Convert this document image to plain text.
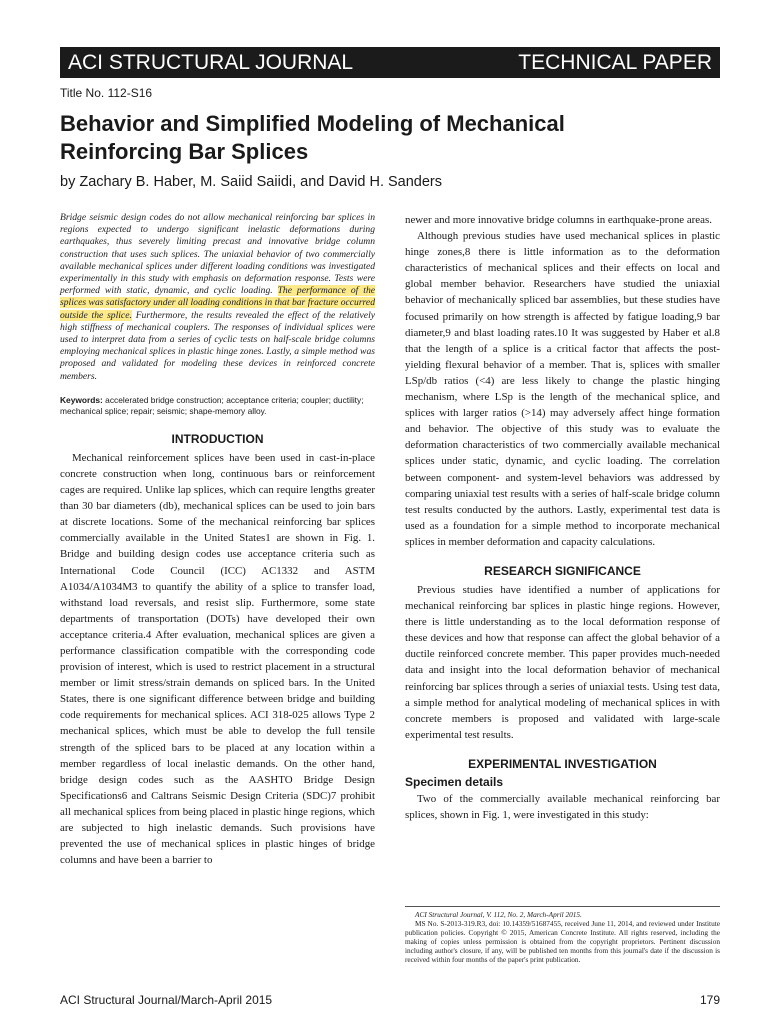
ACI STRUCTURAL JOURNAL	TECHNICAL PAPER
Title No. 112-S16
Behavior and Simplified Modeling of Mechanical Reinforcing Bar Splices
by Zachary B. Haber, M. Saiid Saiidi, and David H. Sanders

Bridge seismic design codes do not allow mechanical reinforcing bar splices in regions expected to undergo significant inelastic deformations during earthquakes, thus severely limiting precast and innovative bridge column construction that uses such splices. The uniaxial behavior of two commercially available mechanical splices under different loading conditions was investigated experimentally in this study with emphasis on deformation response. Tests were performed with static, dynamic, and cyclic loading. The performance of the splices was satisfactory under all loading conditions in that bar fracture occurred outside the splice. Furthermore, the results revealed the effect of the relatively high stiffness of mechanical couplers. The responses of individual splices were used to interpret data from a series of cyclic tests on half-scale bridge columns employing mechanical splices in plastic hinge zones. Lastly, a simple method was proposed and validated for modeling these devices in reinforced concrete members.

Keywords: accelerated bridge construction; acceptance criteria; coupler; ductility; mechanical splice; repair; seismic; shape-memory alloy.

INTRODUCTION

Mechanical reinforcement splices have been used in cast-in-place concrete construction when long, continuous bars or reinforcement cages are required. Unlike lap splices, which can require lengths greater than 30 bar diameters (db), mechanical splices can be used to join bars at discrete locations. Some of the mechanical reinforcing bar splices commercially available in the United States1 are shown in Fig. 1. Bridge and building design codes use acceptance criteria such as International Code Council (ICC) AC1332 and ASTM A1034/A1034M3 to quantify the ability of a splice to transfer load, withstand load reversals, and resist slip. Furthermore, some state departments of transportation (DOTs) have developed their own acceptance criteria.4 After evaluation, mechanical splices are given a performance classification compatible with the corresponding code provision of interest, which is used to restrict placement in a structural member or limit stress/strain demands on spliced bars. In the United States, there is one significant difference between bridge and building code requirements for mechanical splices. ACI 318-025 allows Type 2 mechanical splices, which must be able to develop the full tensile strength of the spliced bars to be placed at any location within a member regardless of local inelastic demands. On the other hand, bridge design codes such as the AASHTO Bridge Design Specifications6 and Caltrans Seismic Design Criteria (SDC)7 prohibit all mechanical splices from being placed in plastic hinge regions, which are subjected to high inelastic demands. Such provisions have prevented the use of mechanical splices in plastic hinges of bridge columns and have been a barrier to

newer and more innovative bridge columns in earthquake-prone areas.

Although previous studies have used mechanical splices in plastic hinge zones,8 there is little information as to the deformation characteristics of mechanical splices and their effects on local and global member behavior. Researchers have studied the uniaxial behavior of mechanically spliced bar assemblies, but these studies have focused primarily on how strength is affected by fatigue loading,9 bar diameter,9 and blast loading rates.10 It was suggested by Haber et al.8 that the length of a splice is a critical factor that affects the post-yielding flexural behavior of a member. That is, splices with smaller LSp/db ratios (<4) are less likely to change the plastic hinging mechanism, where LSp is the length of the mechanical splice, and splices with larger ratios (>14) may adversely affect hinge formation and behavior. The objective of this study was to evaluate the deformation characteristics of two commercially available mechanical splices under static, dynamic, and cyclic loading. The correlation between component- and system-level behaviors was addressed by comparing uniaxial test results with a series of half-scale bridge column test results conducted by the authors. Lastly, experimental test data is used as a foundation for a simple method to incorporate mechanical splices in member deformation and capacity calculations.

RESEARCH SIGNIFICANCE

Previous studies have identified a number of applications for mechanical reinforcing bar splices in plastic hinge regions. However, there is little understanding as to the local deformation response of these devices and how that response can affect the global behavior of a ductile reinforced concrete member. This paper provides much-needed data and insight into the local deformation behavior of mechanical reinforcing bar splices through a series of uniaxial tests. Using test data, a simple method for analytical modeling of mechanical splices in with concrete members is proposed and validated with large-scale experimental test results.

EXPERIMENTAL INVESTIGATION
Specimen details

Two of the commercially available mechanical reinforcing bar splices, shown in Fig. 1, were investigated in this study:

ACI Structural Journal, V. 112, No. 2, March-April 2015.
MS No. S-2013-319.R3, doi: 10.14359/51687455, received June 11, 2014, and reviewed under Institute publication policies. Copyright © 2015, American Concrete Institute. All rights reserved, including the making of copies unless permission is obtained from the copyright proprietors. Pertinent discussion including author's closure, if any, will be published ten months from this journal's date if the discussion is received within four months of the paper's print publication.
ACI Structural Journal/March-April 2015	179
